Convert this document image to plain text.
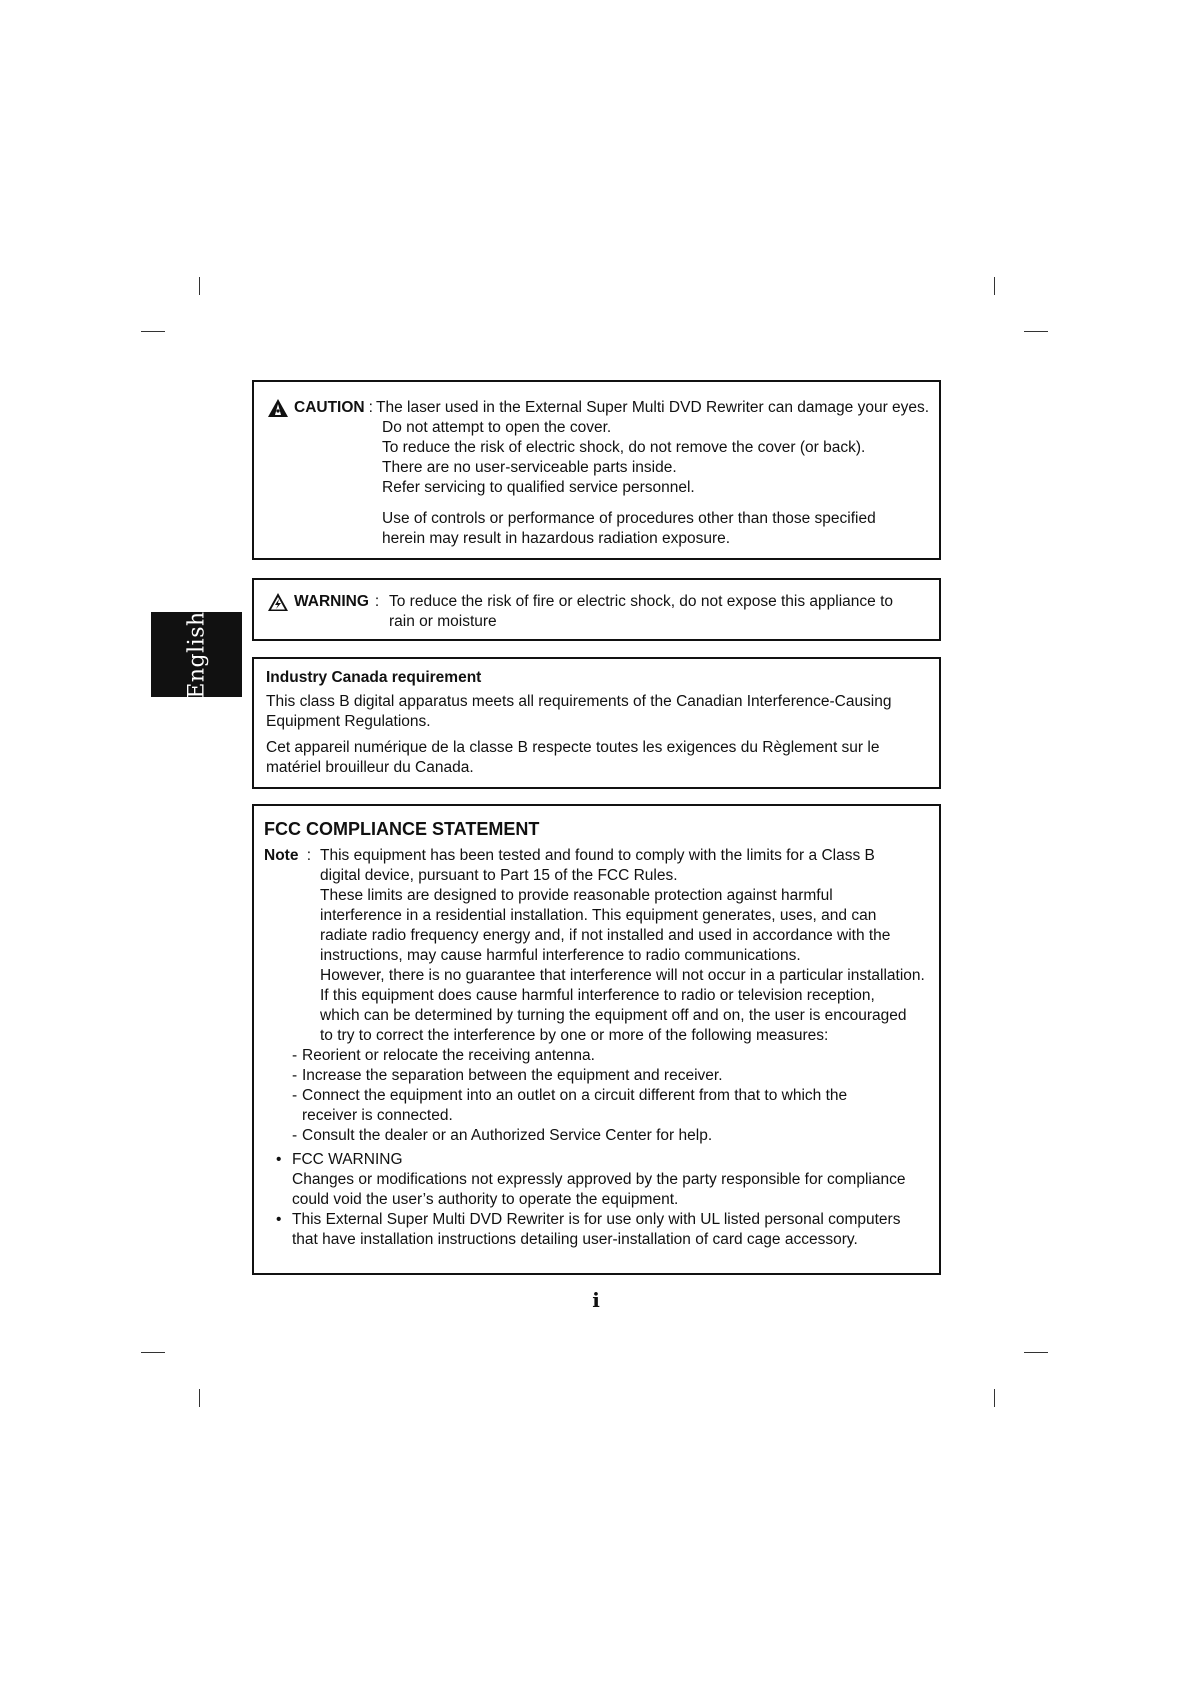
English
CAUTION : The laser used in the External Super Multi DVD Rewriter can damage your eyes.

Do not attempt to open the cover.

To reduce the risk of electric shock, do not remove the cover (or back).

There are no user-serviceable parts inside.

Refer servicing to qualified service personnel.

Use of controls or performance of procedures other than those specified

herein may result in hazardous radiation exposure.

WARNING : To reduce the risk of fire or electric shock, do not expose this appliance to

rain or moisture

Industry Canada requirement

This class B digital apparatus meets all requirements of the Canadian Interference-Causing

Equipment Regulations.

Cet appareil numérique de la classe B respecte toutes les exigences du Règlement sur le

matériel brouilleur du Canada.

FCC COMPLIANCE STATEMENT
Note : This equipment has been tested and found to comply with the limits for a Class B

digital device, pursuant to Part 15 of the FCC Rules.

These limits are designed to provide reasonable protection against harmful

interference in a residential installation. This equipment generates, uses, and can

radiate radio frequency energy and, if not installed and used in accordance with the

instructions, may cause harmful interference to radio communications.

However, there is no guarantee that interference will not occur in a particular installation.

If this equipment does cause harmful interference to radio or television reception,

which can be determined by turning the equipment off and on, the user is encouraged

to try to correct the interference by one or more of the following measures:

- Reorient or relocate the receiving antenna.

- Increase the separation between the equipment and receiver.

- Connect the equipment into an outlet on a circuit different from that to which the

receiver is connected.

- Consult the dealer or an Authorized Service Center for help.

• FCC WARNING

Changes or modifications not expressly approved by the party responsible for compliance

could void the user’s authority to operate the equipment.

• This External Super Multi DVD Rewriter is for use only with UL listed personal computers

that have installation instructions detailing user-installation of card cage accessory.

i
